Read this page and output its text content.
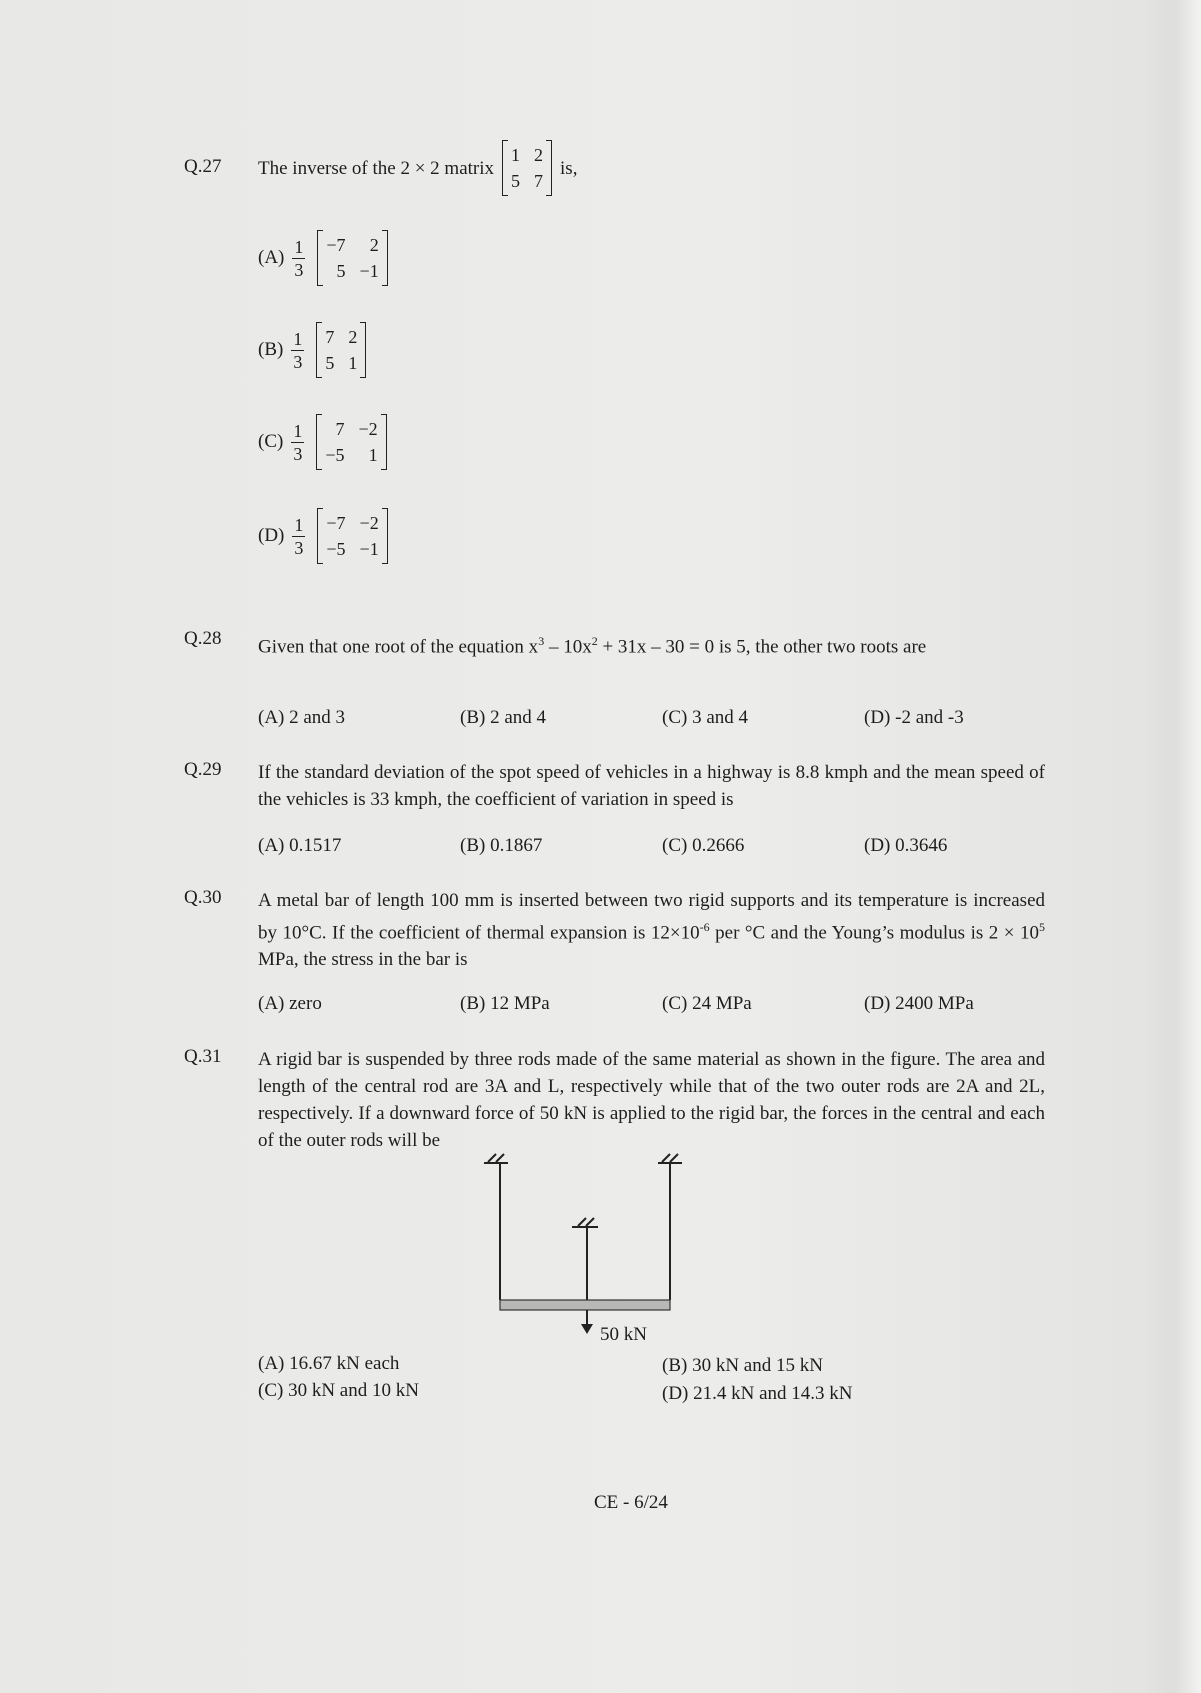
Q.27 The inverse of the 2 × 2 matrix
1 2
5 7
is,
$(A) \frac{1}{3} -7$	2
5 −1
$(B) \frac{1}{3} 7$ 2
5 1
$(C) \frac{1}{3}$	7 −2
−5	1
$(D) \frac{1}{3} -7 -2$
−5 −1
Q.28 Given that one root of the equation $x^3 - 10x^2 + 31x - 30 = 0$ is 5, the other two roots are
(A) 2 and 3	(B) 2 and 4	(C) 3 and 4	(D) -2 and -3
Q.29 If the standard deviation of the spot speed of vehicles in a highway is 8.8 kmph and the mean speed of the vehicles is 33 kmph, the coefficient of variation in speed is
(A) 0.1517	(B) 0.1867	(C) 0.2666	(D) 0.3646
Q.30 A metal bar of length 100 mm is inserted between two rigid supports and its temperature is increased by 10°C. If the coefficient of thermal expansion is $12\times 10^{-6}$ per °C and the Young’s modulus is $2 \times 10^5$ MPa, the stress in the bar is
(A) zero	(B) 12 MPa	(C) 24 MPa	(D) 2400 MPa
Q.31 A rigid bar is suspended by three rods made of the same material as shown in the figure. The area and length of the central rod are 3A and L, respectively while that of the two outer rods are 2A and 2L, respectively. If a downward force of 50 kN is applied to the rigid bar, the forces in the central and each of the outer rods will be
50 kN
(A) 16.67 kN each	(B) 30 kN and 15 kN
(C) 30 kN and 10 kN	(D) 21.4 kN and 14.3 kN
CE - 6/24
